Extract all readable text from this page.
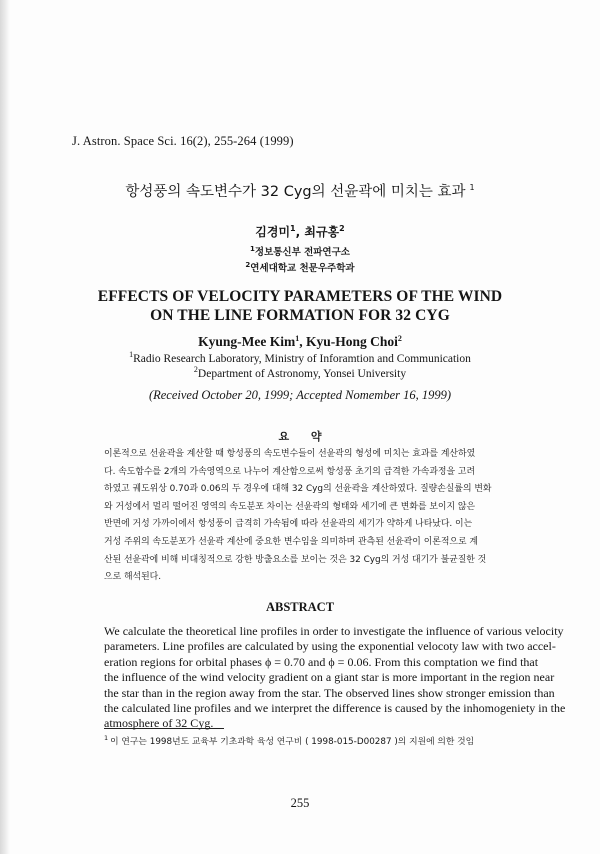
J. Astron. Space Sci. 16(2), 255-264 (1999)
항성풍의 속도변수가 32 Cyg의 선윤곽에 미치는 효과 $^1$
김경미$^1$, 최규홍$^2$
$^1$정보통신부 전파연구소
$^2$연세대학교 천문우주학과
EFFECTS OF VELOCITY PARAMETERS OF THE WIND
ON THE LINE FORMATION FOR 32 CYG
Kyung-Mee Kim$^1$, Kyu-Hong Choi$^2$
$^1$Radio Research Laboratory, Ministry of Inforamtion and Communication
$^2$Department of Astronomy, Yonsei University
(Received October 20, 1999; Accepted Nomember 16, 1999)
요 약
이론적으로 선윤곽을 계산할 때 항성풍의 속도변수들이 선윤곽의 형성에 미치는 효과를 계산하였
다. 속도함수를 2개의 가속영역으로 나누어 계산함으로써 항성풍 초기의 급격한 가속과정을 고려
하였고 궤도위상 0.70과 0.06의 두 경우에 대해 32 Cyg의 선윤곽을 계산하였다. 질량손실률의 변화
와 거성에서 멀리 떨어진 영역의 속도분포 차이는 선윤곽의 형태와 세기에 큰 변화를 보이지 않은
반면에 거성 가까이에서 항성풍이 급격히 가속됨에 따라 선윤곽의 세기가 약하게 나타났다. 이는
거성 주위의 속도분포가 선윤곽 계산에 중요한 변수임을 의미하며 관측된 선윤곽이 이론적으로 계
산된 선윤곽에 비해 비대칭적으로 강한 방출요소를 보이는 것은 32 Cyg의 거성 대기가 불균질한 것
으로 해석된다.
ABSTRACT
We calculate the theoretical line profiles in order to investigate the influence of various velocity
parameters. Line profiles are calculated by using the exponential velocoty law with two accel-
eration regions for orbital phases ϕ = 0.70 and ϕ = 0.06. From this comptation we find that
the influence of the wind velocity gradient on a giant star is more important in the region near
the star than in the region away from the star. The observed lines show stronger emission than
the calculated line profiles and we interpret the difference is caused by the inhomogeniety in the
atmosphere of 32 Cyg.
$^1$ 이 연구는 1998년도 교육부 기초과학 육성 연구비 ( 1998-015-D00287 )의 지원에 의한 것임
255
